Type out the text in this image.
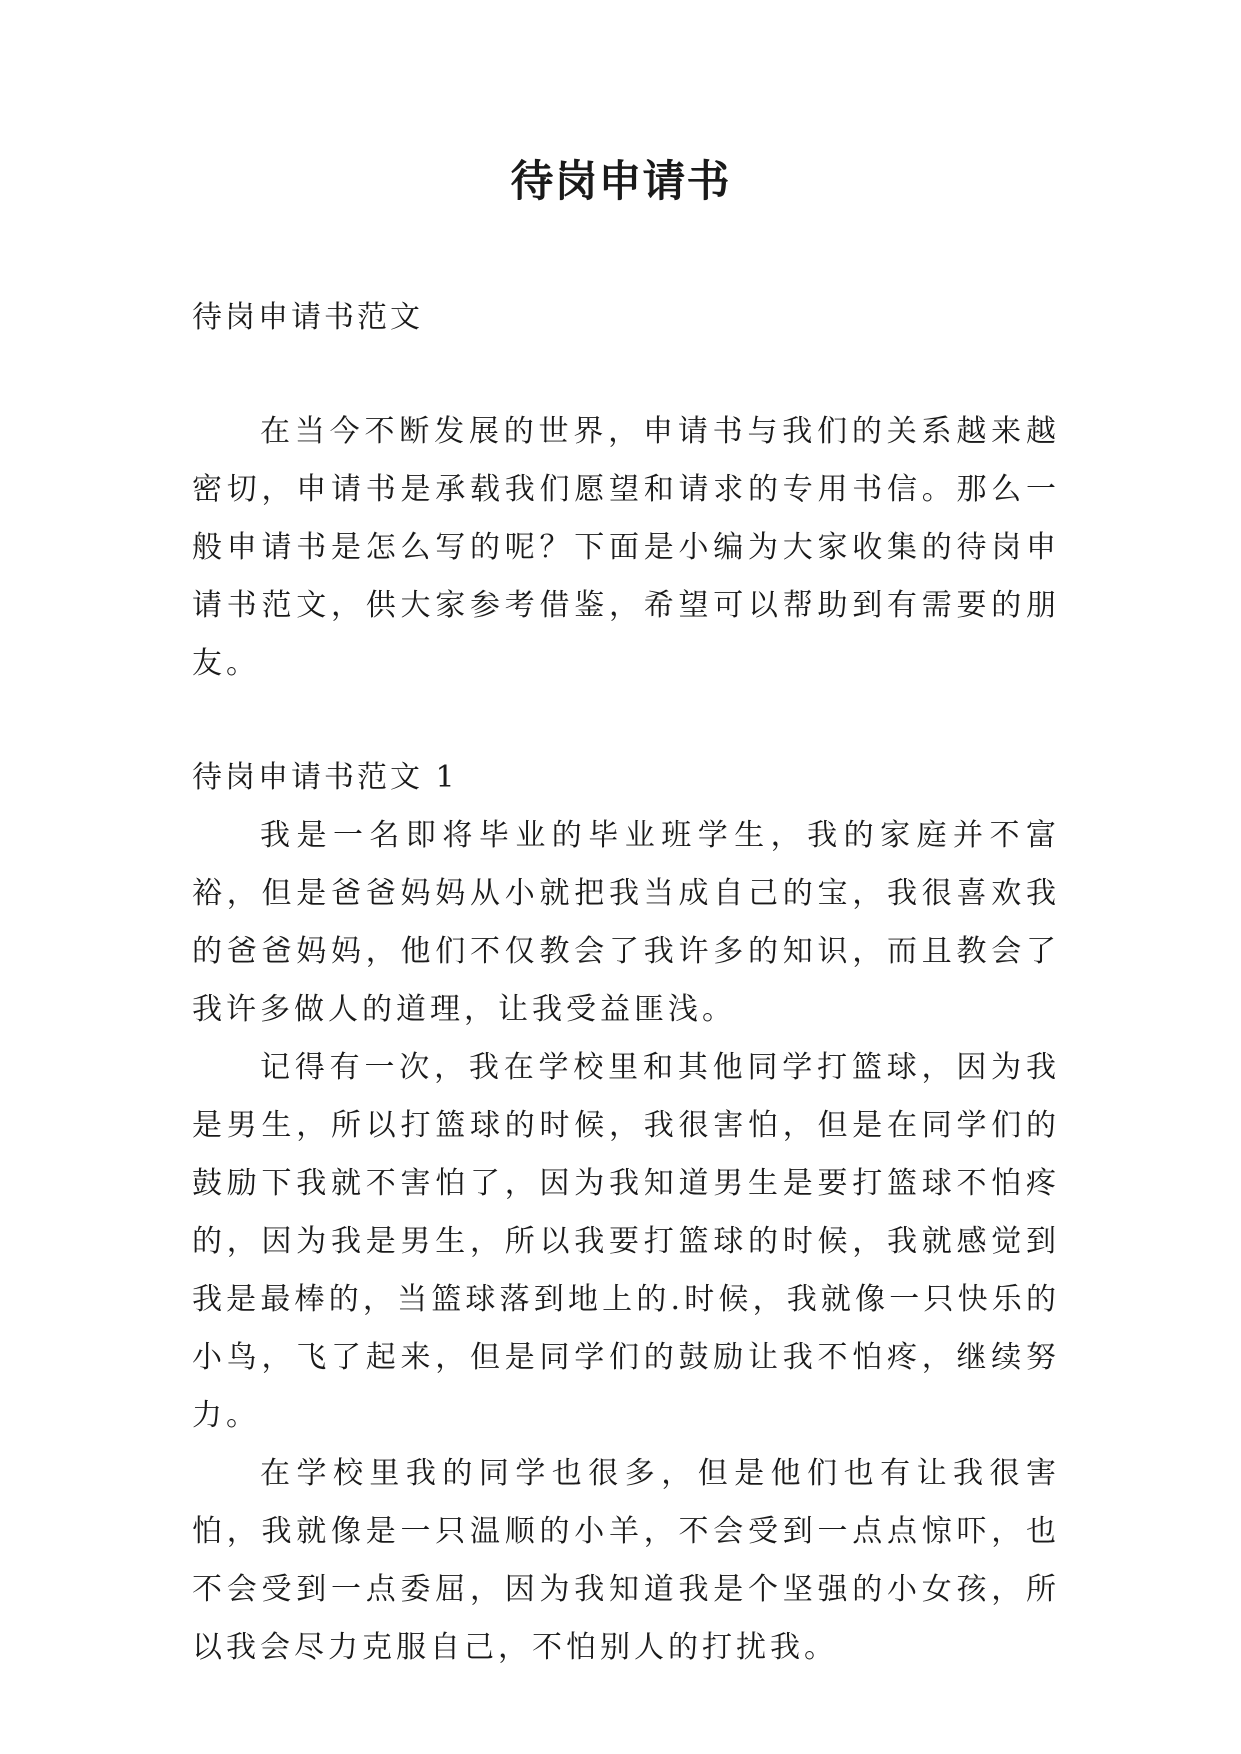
待岗申请书

待岗申请书范文

在当今不断发展的世界，申请书与我们的关系越来越密切，申请书是承载我们愿望和请求的专用书信。那么一般申请书是怎么写的呢？下面是小编为大家收集的待岗申请书范文，供大家参考借鉴，希望可以帮助到有需要的朋友。

待岗申请书范文 1

我是一名即将毕业的毕业班学生，我的家庭并不富裕，但是爸爸妈妈从小就把我当成自己的宝，我很喜欢我的爸爸妈妈，他们不仅教会了我许多的知识，而且教会了我许多做人的道理，让我受益匪浅。

记得有一次，我在学校里和其他同学打篮球，因为我是男生，所以打篮球的时候，我很害怕，但是在同学们的鼓励下我就不害怕了，因为我知道男生是要打篮球不怕疼的，因为我是男生，所以我要打篮球的时候，我就感觉到我是最棒的，当篮球落到地上的.时候，我就像一只快乐的小鸟，飞了起来，但是同学们的鼓励让我不怕疼，继续努力。

在学校里我的同学也很多，但是他们也有让我很害怕，我就像是一只温顺的小羊，不会受到一点点惊吓，也不会受到一点委屈，因为我知道我是个坚强的小女孩，所以我会尽力克服自己，不怕别人的打扰我。
